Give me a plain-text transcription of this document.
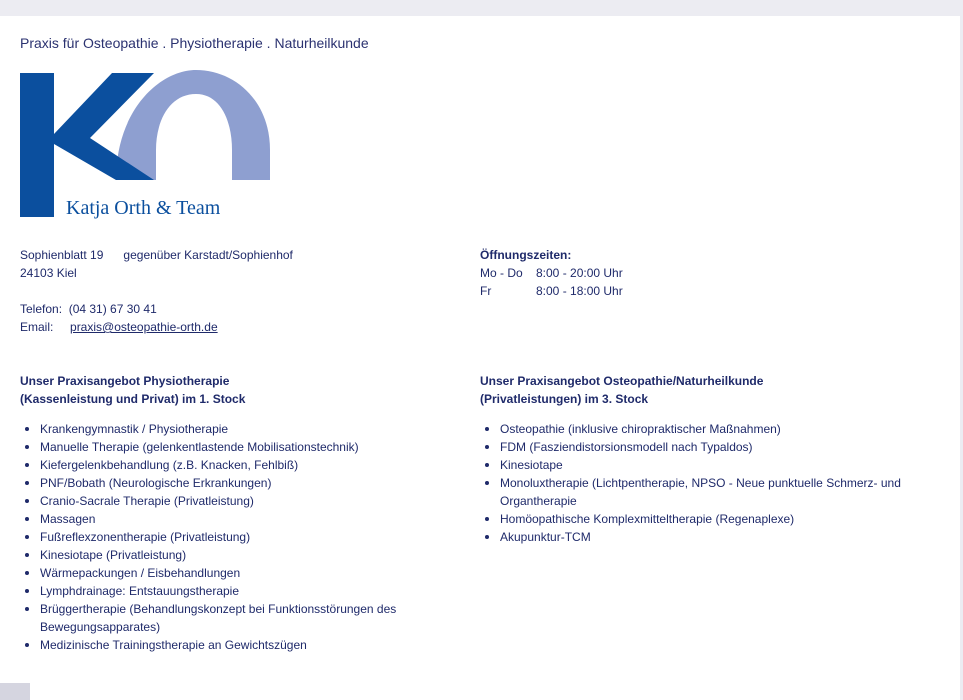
Praxis für Osteopathie . Physiotherapie . Naturheilkunde
Katja Orth & Team
Sophienblatt 19 gegenüber Karstadt/Sophienhof
24103 Kiel
Telefon: (04 31) 67 30 41
Email: praxis@osteopathie-orth.de
Öffnungszeiten:
Mo - Do	8:00 - 20:00 Uhr
Fr	8:00 - 18:00 Uhr
Unser Praxisangebot Physiotherapie
(Kassenleistung und Privat) im 1. Stock
Krankengymnastik / Physiotherapie
Manuelle Therapie (gelenkentlastende Mobilisationstechnik)
Kiefergelenkbehandlung (z.B. Knacken, Fehlbiß)
PNF/Bobath (Neurologische Erkrankungen)
Cranio-Sacrale Therapie (Privatleistung)
Massagen
Fußreflexzonentherapie (Privatleistung)
Kinesiotape (Privatleistung)
Wärmepackungen / Eisbehandlungen
Lymphdrainage: Entstauungstherapie
Brüggertherapie (Behandlungskonzept bei Funktionsstörungen des Bewegungsapparates)
Medizinische Trainingstherapie an Gewichtszügen
Unser Praxisangebot Osteopathie/Naturheilkunde
(Privatleistungen) im 3. Stock
Osteopathie (inklusive chiropraktischer Maßnahmen)
FDM (Fasziendistorsionsmodell nach Typaldos)
Kinesiotape
Monoluxtherapie (Lichtpentherapie, NPSO - Neue punktuelle Schmerz- und Organtherapie
Homöopathische Komplexmitteltherapie (Regenaplexe)
Akupunktur-TCM
